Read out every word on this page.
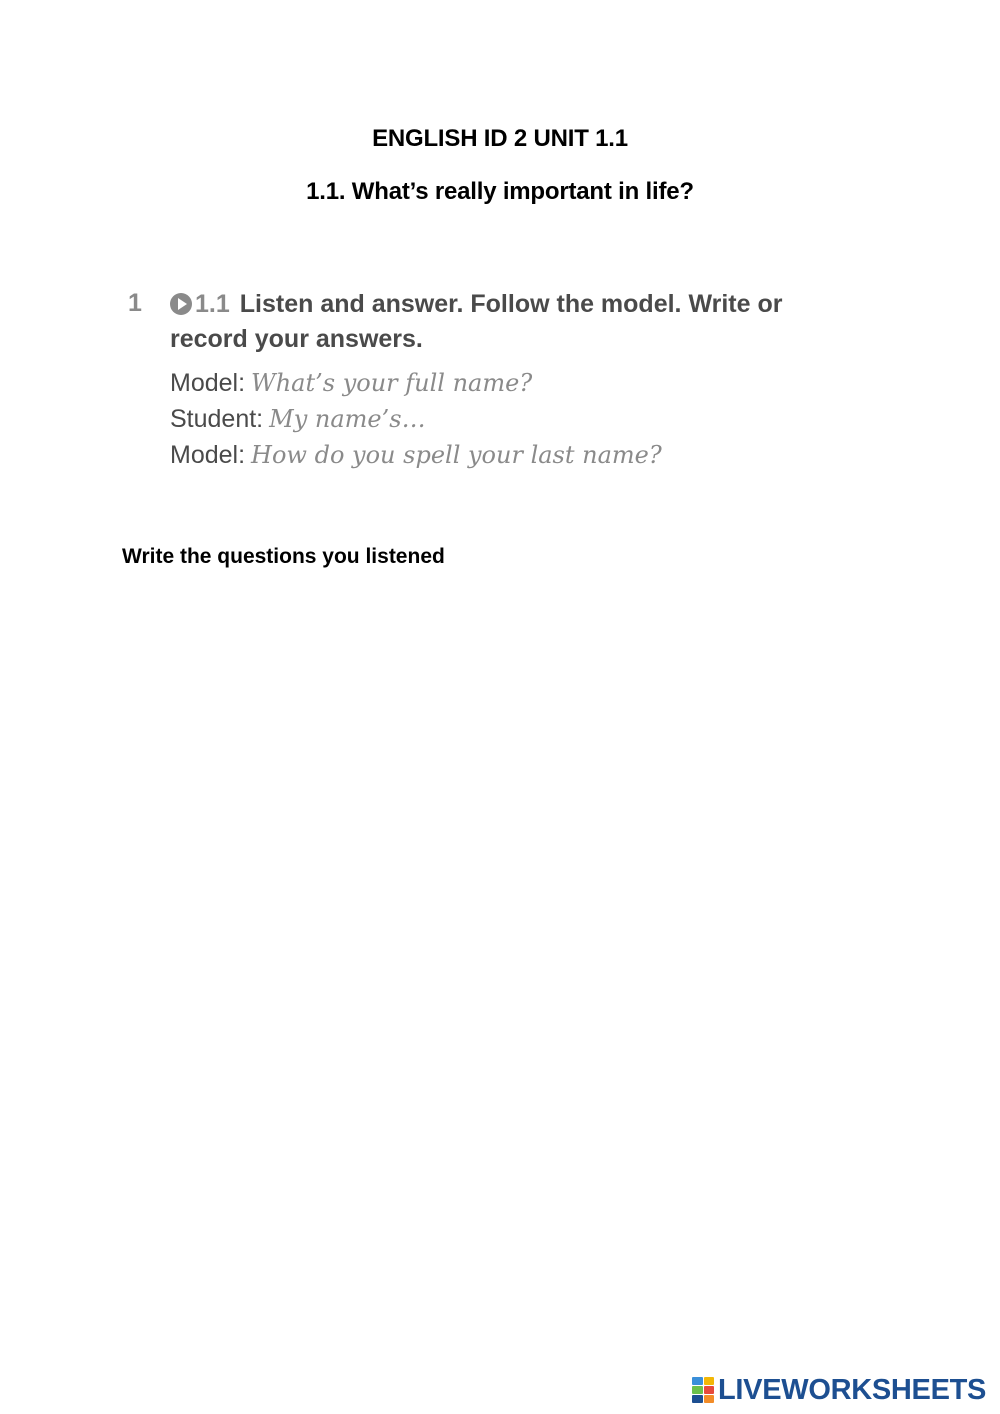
ENGLISH ID 2 UNIT 1.1
1.1. What’s really important in life?
1	1.1 Listen and answer. Follow the model. Write or record your answers.
Model: What’s your full name?
Student: My name’s…
Model: How do you spell your last name?
Write the questions you listened
LIVEWORKSHEETS
